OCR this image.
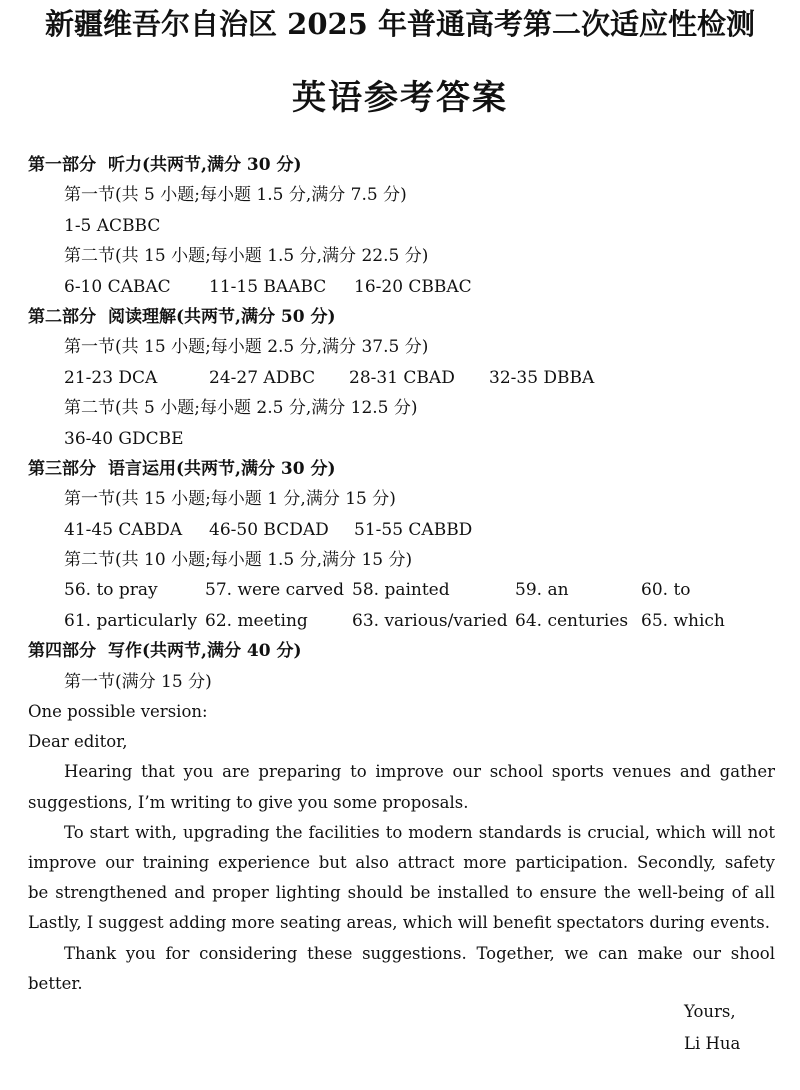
新疆维吾尔自治区 2025 年普通高考第二次适应性检测
英语参考答案
第一部分 听力(共两节,满分 30 分)
第一节(共 5 小题;每小题 1.5 分,满分 7.5 分)
1-5 ACBBC
第二节(共 15 小题;每小题 1.5 分,满分 22.5 分)
6-10 CABAC	11-15 BAABC	16-20 CBBAC
第二部分 阅读理解(共两节,满分 50 分)
第一节(共 15 小题;每小题 2.5 分,满分 37.5 分)
21-23 DCA	24-27 ADBC	28-31 CBAD	32-35 DBBA
第二节(共 5 小题;每小题 2.5 分,满分 12.5 分)
36-40 GDCBE
第三部分 语言运用(共两节,满分 30 分)
第一节(共 15 小题;每小题 1 分,满分 15 分)
41-45 CABDA	46-50 BCDAD	51-55 CABBD
第二节(共 10 小题;每小题 1.5 分,满分 15 分)
56. to pray	57. were carved 58. painted	59. an	60. to
61. particularly 62. meeting	63. various/varied 64. centuries 65. which
第四部分 写作(共两节,满分 40 分)
第一节(满分 15 分)
One possible version:
Dear editor,
Hearing that you are preparing to improve our school sports venues and gather
suggestions, I’m writing to give you some proposals.
To start with, upgrading the facilities to modern standards is crucial, which will not
improve our training experience but also attract more participation. Secondly, safety
be strengthened and proper lighting should be installed to ensure the well-being of all
Lastly, I suggest adding more seating areas, which will benefit spectators during events.
Thank you for considering these suggestions. Together, we can make our shool
better.
Yours,
Li Hua
